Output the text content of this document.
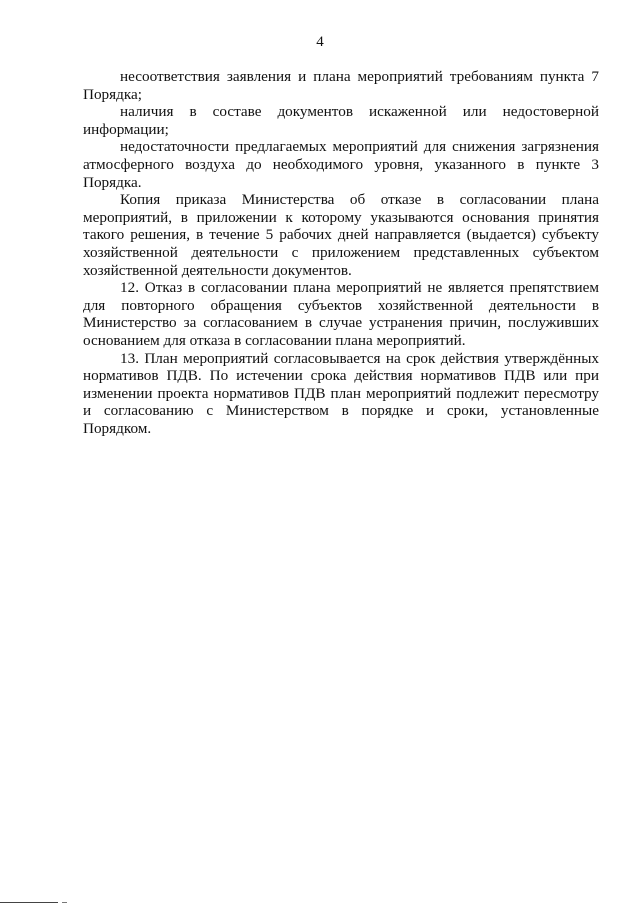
4

несоответствия заявления и плана мероприятий требованиям пункта 7 Порядка;

наличия в составе документов искаженной или недостоверной информации;

недостаточности предлагаемых мероприятий для снижения загрязнения атмосферного воздуха до необходимого уровня, указанного в пункте 3 Порядка.

Копия приказа Министерства об отказе в согласовании плана мероприятий, в приложении к которому указываются основания принятия такого решения, в течение 5 рабочих дней направляется (выдается) субъекту хозяйственной деятельности с приложением представленных субъектом хозяйственной деятельности документов.

12. Отказ в согласовании плана мероприятий не является препятствием для повторного обращения субъектов хозяйственной деятельности в Министерство за согласованием в случае устранения причин, послуживших основанием для отказа в согласовании плана мероприятий.

13. План мероприятий согласовывается на срок действия утверждённых нормативов ПДВ. По истечении срока действия нормативов ПДВ или при изменении проекта нормативов ПДВ план мероприятий подлежит пересмотру и согласованию с Министерством в порядке и сроки, установленные Порядком.
